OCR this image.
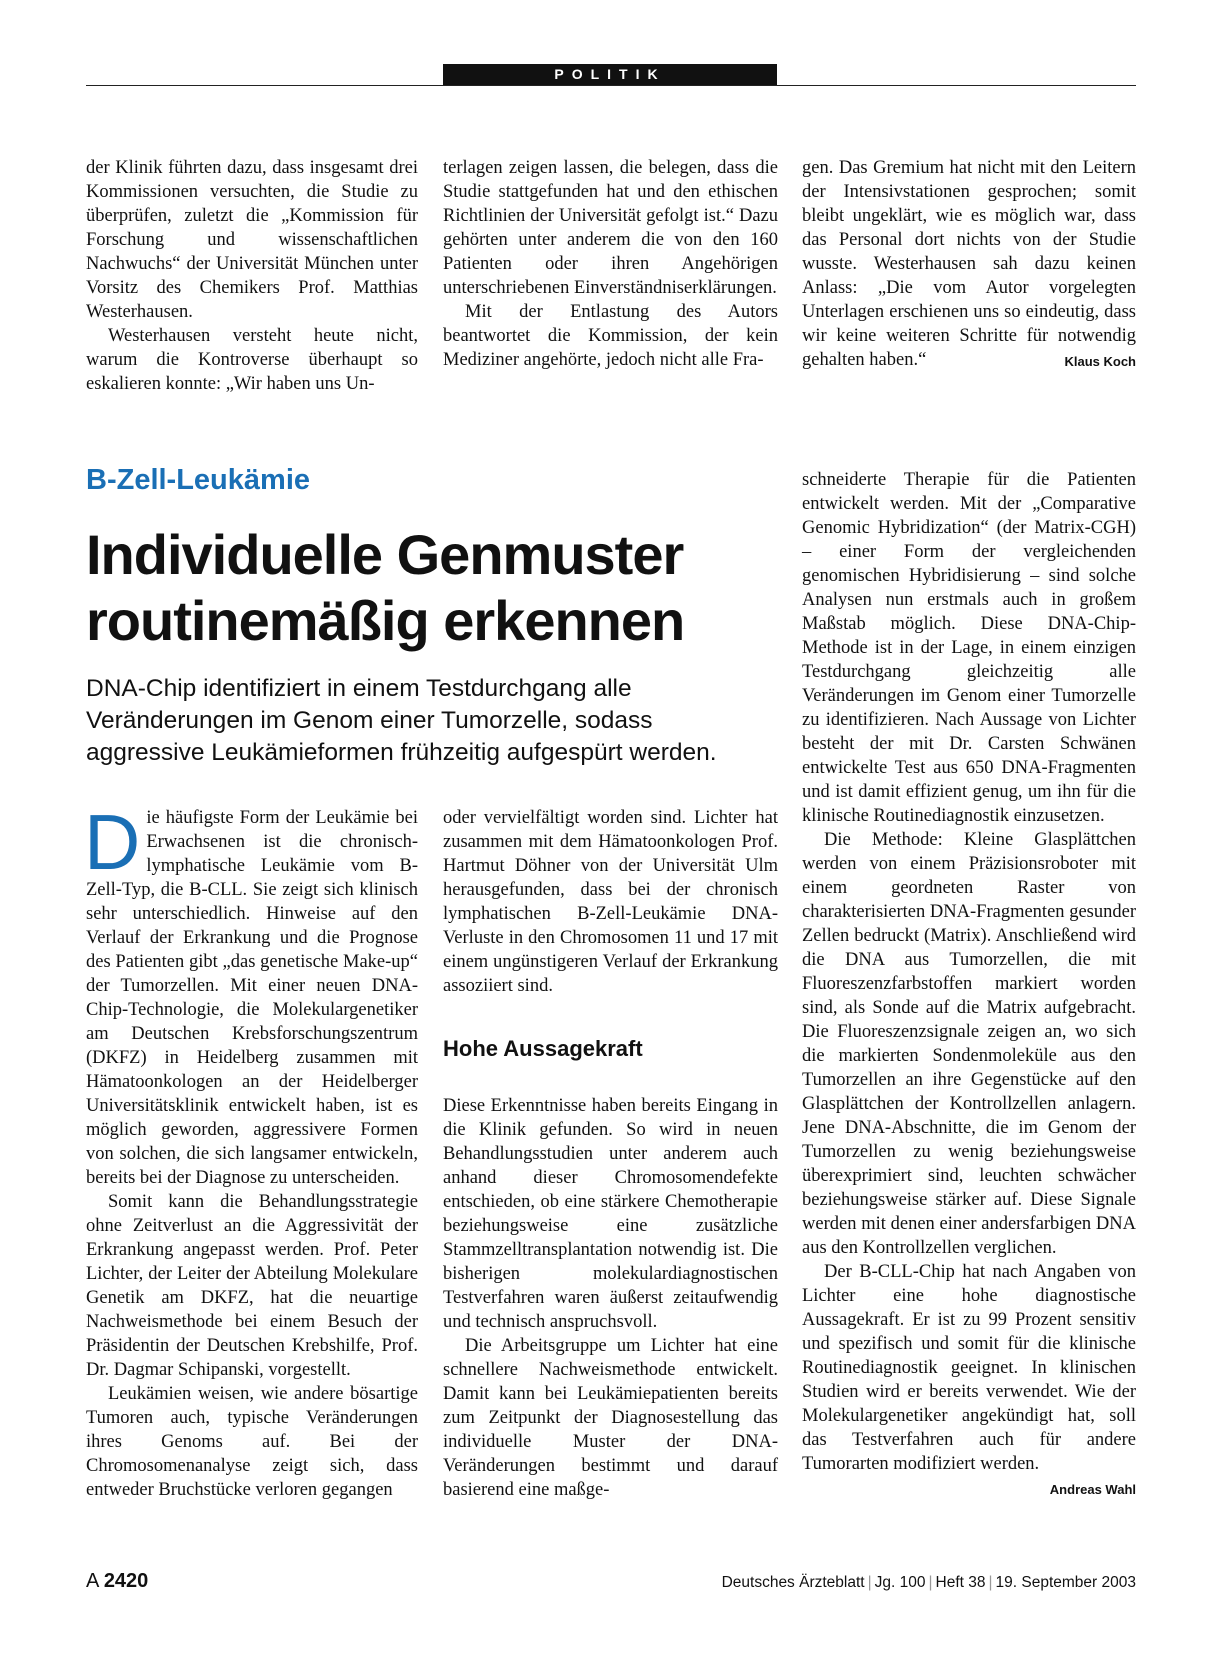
POLITIK

der Klinik führten dazu, dass insgesamt drei Kommissionen versuchten, die Studie zu überprüfen, zuletzt die „Kommission für Forschung und wissenschaftlichen Nachwuchs“ der Universität München unter Vorsitz des Chemikers Prof. Matthias Westerhausen.

Westerhausen versteht heute nicht, warum die Kontroverse überhaupt so eskalieren konnte: „Wir haben uns Un-

terlagen zeigen lassen, die belegen, dass die Studie stattgefunden hat und den ethischen Richtlinien der Universität gefolgt ist.“ Dazu gehörten unter anderem die von den 160 Patienten oder ihren Angehörigen unterschriebenen Einverständniserklärungen.

Mit der Entlastung des Autors beantwortet die Kommission, der kein Mediziner angehörte, jedoch nicht alle Fra-

gen. Das Gremium hat nicht mit den Leitern der Intensivstationen gesprochen; somit bleibt ungeklärt, wie es möglich war, dass das Personal dort nichts von der Studie wusste. Westerhausen sah dazu keinen Anlass: „Die vom Autor vorgelegten Unterlagen erschienen uns so eindeutig, dass wir keine weiteren Schritte für notwendig gehalten haben.“	Klaus Koch

B-Zell-Leukämie
Individuelle Genmuster routinemäßig erkennen

DNA-Chip identifiziert in einem Testdurchgang alle Veränderungen im Genom einer Tumorzelle, sodass aggressive Leukämieformen frühzeitig aufgespürt werden.

Die häufigste Form der Leukämie bei Erwachsenen ist die chronisch-lymphatische Leukämie vom B-Zell-Typ, die B-CLL. Sie zeigt sich klinisch sehr unterschiedlich. Hinweise auf den Verlauf der Erkrankung und die Prognose des Patienten gibt „das genetische Make-up“ der Tumorzellen. Mit einer neuen DNA-Chip-Technologie, die Molekulargenetiker am Deutschen Krebsforschungszentrum (DKFZ) in Heidelberg zusammen mit Hämatoonkologen an der Heidelberger Universitätsklinik entwickelt haben, ist es möglich geworden, aggressivere Formen von solchen, die sich langsamer entwickeln, bereits bei der Diagnose zu unterscheiden.

Somit kann die Behandlungsstrategie ohne Zeitverlust an die Aggressivität der Erkrankung angepasst werden. Prof. Peter Lichter, der Leiter der Abteilung Molekulare Genetik am DKFZ, hat die neuartige Nachweismethode bei einem Besuch der Präsidentin der Deutschen Krebshilfe, Prof. Dr. Dagmar Schipanski, vorgestellt.

Leukämien weisen, wie andere bösartige Tumoren auch, typische Veränderungen ihres Genoms auf. Bei der Chromosomenanalyse zeigt sich, dass entweder Bruchstücke verloren gegangen

oder vervielfältigt worden sind. Lichter hat zusammen mit dem Hämatoonkologen Prof. Hartmut Döhner von der Universität Ulm herausgefunden, dass bei der chronisch lymphatischen B-Zell-Leukämie DNA-Verluste in den Chromosomen 11 und 17 mit einem ungünstigeren Verlauf der Erkrankung assoziiert sind.

Hohe Aussagekraft

Diese Erkenntnisse haben bereits Eingang in die Klinik gefunden. So wird in neuen Behandlungsstudien unter anderem auch anhand dieser Chromosomendefekte entschieden, ob eine stärkere Chemotherapie beziehungsweise eine zusätzliche Stammzelltransplantation notwendig ist. Die bisherigen molekulardiagnostischen Testverfahren waren äußerst zeitaufwendig und technisch anspruchsvoll.

Die Arbeitsgruppe um Lichter hat eine schnellere Nachweismethode entwickelt. Damit kann bei Leukämiepatienten bereits zum Zeitpunkt der Diagnosestellung das individuelle Muster der DNA-Veränderungen bestimmt und darauf basierend eine maßge-

schneiderte Therapie für die Patienten entwickelt werden. Mit der „Comparative Genomic Hybridization“ (der Matrix-CGH) – einer Form der vergleichenden genomischen Hybridisierung – sind solche Analysen nun erstmals auch in großem Maßstab möglich. Diese DNA-Chip-Methode ist in der Lage, in einem einzigen Testdurchgang gleichzeitig alle Veränderungen im Genom einer Tumorzelle zu identifizieren. Nach Aussage von Lichter besteht der mit Dr. Carsten Schwänen entwickelte Test aus 650 DNA-Fragmenten und ist damit effizient genug, um ihn für die klinische Routinediagnostik einzusetzen.

Die Methode: Kleine Glasplättchen werden von einem Präzisionsroboter mit einem geordneten Raster von charakterisierten DNA-Fragmenten gesunder Zellen bedruckt (Matrix). Anschließend wird die DNA aus Tumorzellen, die mit Fluoreszenzfarbstoffen markiert worden sind, als Sonde auf die Matrix aufgebracht. Die Fluoreszenzsignale zeigen an, wo sich die markierten Sondenmoleküle aus den Tumorzellen an ihre Gegenstücke auf den Glasplättchen der Kontrollzellen anlagern. Jene DNA-Abschnitte, die im Genom der Tumorzellen zu wenig beziehungsweise überexprimiert sind, leuchten schwächer beziehungsweise stärker auf. Diese Signale werden mit denen einer andersfarbigen DNA aus den Kontrollzellen verglichen.

Der B-CLL-Chip hat nach Angaben von Lichter eine hohe diagnostische Aussagekraft. Er ist zu 99 Prozent sensitiv und spezifisch und somit für die klinische Routinediagnostik geeignet. In klinischen Studien wird er bereits verwendet. Wie der Molekulargenetiker angekündigt hat, soll das Testverfahren auch für andere Tumorarten modifiziert werden.
Andreas Wahl

A 2420	Deutsches Ärzteblatt | Jg. 100 | Heft 38 | 19. September 2003
